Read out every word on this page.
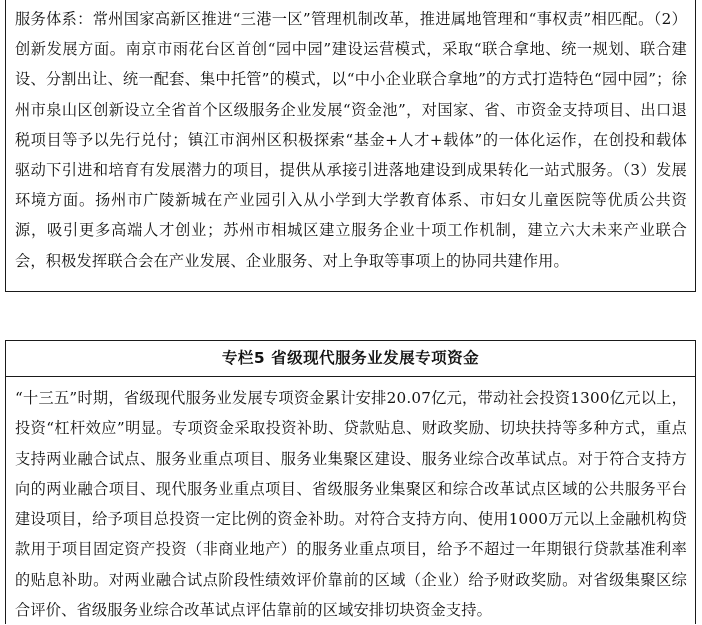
服务体系：常州国家高新区推进“三港一区”管理机制改革，推进属地管理和“事权责”相匹配。（2）创新发展方面。南京市雨花台区首创“园中园”建设运营模式，采取“联合拿地、统一规划、联合建设、分割出让、统一配套、集中托管”的模式，以“中小企业联合拿地”的方式打造特色“园中园”；徐州市泉山区创新设立全省首个区级服务企业发展“资金池”，对国家、省、市资金支持项目、出口退税项目等予以先行兑付；镇江市润州区积极探索“基金+人才+载体”的一体化运作，在创投和载体驱动下引进和培育有发展潜力的项目，提供从承接引进落地建设到成果转化一站式服务。（3）发展环境方面。扬州市广陵新城在产业园引入从小学到大学教育体系、市妇女儿童医院等优质公共资源，吸引更多高端人才创业；苏州市相城区建立服务企业十项工作机制，建立六大未来产业联合会，积极发挥联合会在产业发展、企业服务、对上争取等事项上的协同共建作用。

专栏5 省级现代服务业发展专项资金

“十三五”时期，省级现代服务业发展专项资金累计安排20.07亿元，带动社会投资1300亿元以上，投资“杠杆效应”明显。专项资金采取投资补助、贷款贴息、财政奖励、切块扶持等多种方式，重点支持两业融合试点、服务业重点项目、服务业集聚区建设、服务业综合改革试点。对于符合支持方向的两业融合项目、现代服务业重点项目、省级服务业集聚区和综合改革试点区域的公共服务平台建设项目，给予项目总投资一定比例的资金补助。对符合支持方向、使用1000万元以上金融机构贷款用于项目固定资产投资（非商业地产）的服务业重点项目，给予不超过一年期银行贷款基准利率的贴息补助。对两业融合试点阶段性绩效评价靠前的区域（企业）给予财政奖励。对省级集聚区综合评价、省级服务业综合改革试点评估靠前的区域安排切块资金支持。
